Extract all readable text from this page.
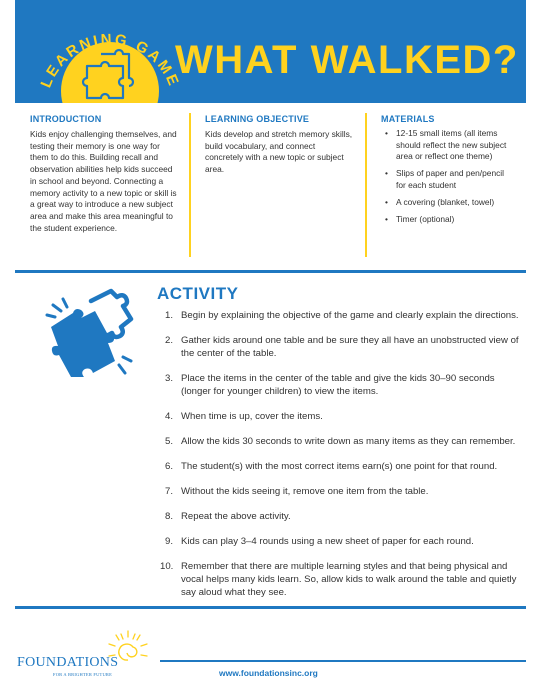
LEARNING GAME
WHAT WALKED?
INTRODUCTION
Kids enjoy challenging themselves, and testing their memory is one way for them to do this. Building recall and observation abilities help kids succeed in school and beyond. Connecting a memory activity to a new topic or skill is a great way to introduce a new subject area and make this area meaningful to the student experience.
LEARNING OBJECTIVE
Kids develop and stretch memory skills, build vocabulary, and connect concretely with a new topic or subject area.
MATERIALS
• 12-15 small items (all items should reflect the new subject area or reflect one theme)
• Slips of paper and pen/pencil for each student
• A covering (blanket, towel)
• Timer (optional)
ACTIVITY
1. Begin by explaining the objective of the game and clearly explain the directions.
2. Gather kids around one table and be sure they all have an unobstructed view of the center of the table.
3. Place the items in the center of the table and give the kids 30–90 seconds (longer for younger children) to view the items.
4. When time is up, cover the items.
5. Allow the kids 30 seconds to write down as many items as they can remember.
6. The student(s) with the most correct items earn(s) one point for that round.
7. Without the kids seeing it, remove one item from the table.
8. Repeat the above activity.
9. Kids can play 3–4 rounds using a new sheet of paper for each round.
10. Remember that there are multiple learning styles and that being physical and vocal helps many kids learn. So, allow kids to walk around the table and quietly say aloud what they see.
FOUNDATIONS
FOR A BRIGHTER FUTURE	www.foundationsinc.org
